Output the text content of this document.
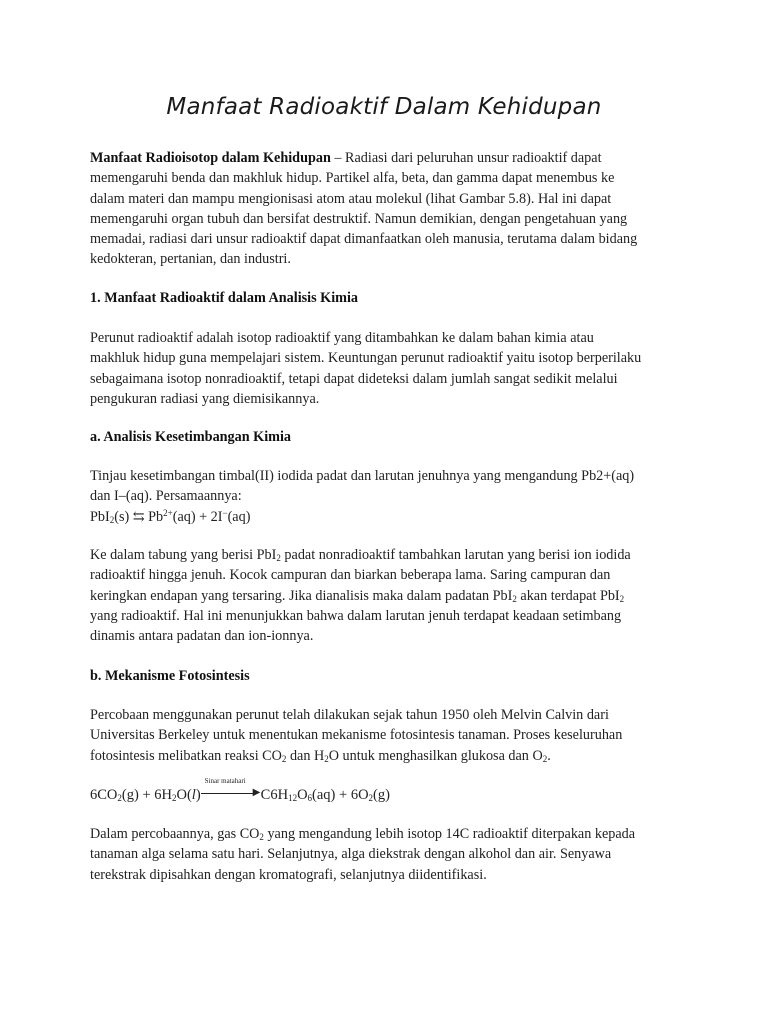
Manfaat Radioaktif Dalam Kehidupan
Manfaat Radioisotop dalam Kehidupan – Radiasi dari peluruhan unsur radioaktif dapat
memengaruhi benda dan makhluk hidup. Partikel alfa, beta, dan gamma dapat menembus ke
dalam materi dan mampu mengionisasi atom atau molekul (lihat Gambar 5.8). Hal ini dapat
memengaruhi organ tubuh dan bersifat destruktif. Namun demikian, dengan pengetahuan yang
memadai, radiasi dari unsur radioaktif dapat dimanfaatkan oleh manusia, terutama dalam bidang
kedokteran, pertanian, dan industri.
1. Manfaat Radioaktif dalam Analisis Kimia
Perunut radioaktif adalah isotop radioaktif yang ditambahkan ke dalam bahan kimia atau
makhluk hidup guna mempelajari sistem. Keuntungan perunut radioaktif yaitu isotop berperilaku
sebagaimana isotop nonradioaktif, tetapi dapat dideteksi dalam jumlah sangat sedikit melalui
pengukuran radiasi yang diemisikannya.
a. Analisis Kesetimbangan Kimia
Tinjau kesetimbangan timbal(II) iodida padat dan larutan jenuhnya yang mengandung Pb2+(aq)
dan I–(aq). Persamaannya:
PbI$_2$(s) ⇆ $Pb^{2+}(aq) + 2I^-(aq)$
Ke dalam tabung yang berisi PbI$_2$ padat nonradioaktif tambahkan larutan yang berisi ion iodida
radioaktif hingga jenuh. Kocok campuran dan biarkan beberapa lama. Saring campuran dan
keringkan endapan yang tersaring. Jika dianalisis maka dalam padatan PbI$_2$ akan terdapat PbI$_2$
yang radioaktif. Hal ini menunjukkan bahwa dalam larutan jenuh terdapat keadaan setimbang
dinamis antara padatan dan ion-ionnya.
b. Mekanisme Fotosintesis
Percobaan menggunakan perunut telah dilakukan sejak tahun 1950 oleh Melvin Calvin dari
Universitas Berkeley untuk menentukan mekanisme fotosintesis tanaman. Proses keseluruhan
fotosintesis melibatkan reaksi $CO_2$ dan $H_2O$ untuk menghasilkan glukosa dan $O_2$.
$6CO_2(g) + 6H_2O(l)$
Sinar matahari
▶ $C6H_{12}O_6(aq) + 6O_2(g)$
Dalam percobaannya, gas $CO_2$ yang mengandung lebih isotop 14C radioaktif diterpakan kepada
tanaman alga selama satu hari. Selanjutnya, alga diekstrak dengan alkohol dan air. Senyawa
terekstrak dipisahkan dengan kromatografi, selanjutnya diidentifikasi.
